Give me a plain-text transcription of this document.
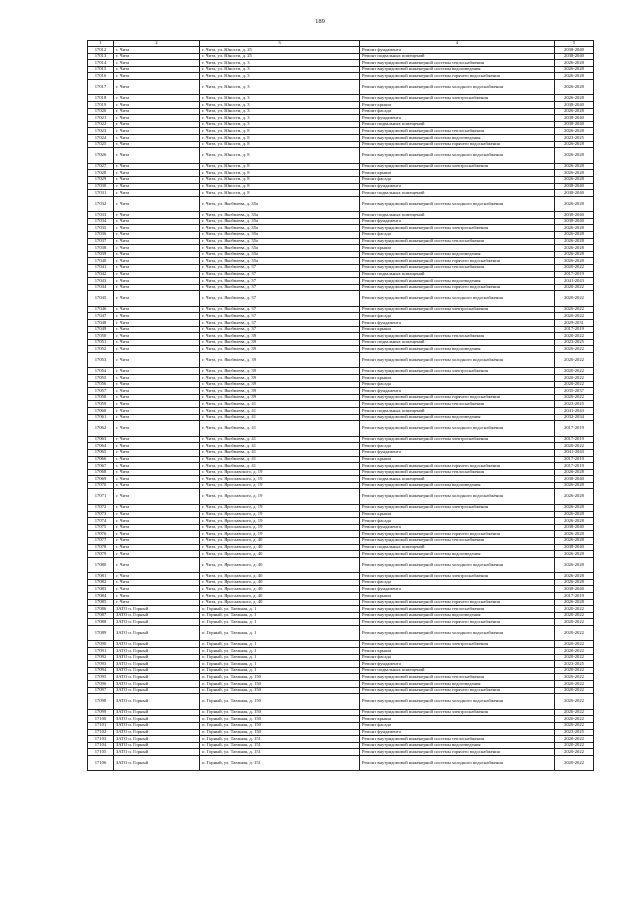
189
1	2	3	4	5
17012	г. Чита	г. Чита, ул. Юности, д. 25	Ремонт фундамента	2038-2040
17013	г. Чита	г. Чита, ул. Юности, д. 25	Ремонт подвальных помещений	2038-2040
17014	г. Чита	г. Чита, ул. Юности, д. 3	Ремонт внутридомовой инженерной системы теплоснабжения	2026-2028
17015	г. Чита	г. Чита, ул. Юности, д. 3	Ремонт внутридомовой инженерной системы водоотведения	2026-2028
17016	г. Чита	г. Чита, ул. Юности, д. 3	Ремонт внутридомовой инженерной системы горячего водоснабжения	2026-2028
17017	г. Чита	г. Чита, ул. Юности, д. 3	Ремонт внутридомовой инженерной системы холодного водоснабжения	2026-2028
17018	г. Чита	г. Чита, ул. Юности, д. 3	Ремонт внутридомовой инженерной системы электроснабжения	2026-2028
17019	г. Чита	г. Чита, ул. Юности, д. 3	Ремонт крыши	2038-2040
17020	г. Чита	г. Чита, ул. Юности, д. 3	Ремонт фасада	2026-2028
17021	г. Чита	г. Чита, ул. Юности, д. 3	Ремонт фундамента	2038-2040
17022	г. Чита	г. Чита, ул. Юности, д. 3	Ремонт подвальных помещений	2038-2040
17023	г. Чита	г. Чита, ул. Юности, д. 8	Ремонт внутридомовой инженерной системы теплоснабжения	2026-2028
17024	г. Чита	г. Чита, ул. Юности, д. 8	Ремонт внутридомовой инженерной системы водоотведения	2023-2025
17025	г. Чита	г. Чита, ул. Юности, д. 8	Ремонт внутридомовой инженерной системы горячего водоснабжения	2026-2028
17026	г. Чита	г. Чита, ул. Юности, д. 8	Ремонт внутридомовой инженерной системы холодного водоснабжения	2026-2028
17027	г. Чита	г. Чита, ул. Юности, д. 8	Ремонт внутридомовой инженерной системы электроснабжения	2026-2028
17028	г. Чита	г. Чита, ул. Юности, д. 8	Ремонт крыши	2026-2028
17029	г. Чита	г. Чита, ул. Юности, д. 8	Ремонт фасада	2026-2028
17030	г. Чита	г. Чита, ул. Юности, д. 8	Ремонт фундамента	2038-2040
17031	г. Чита	г. Чита, ул. Юности, д. 8	Ремонт подвальных помещений	2038-2040
17032	г. Чита	г. Чита, ул. Якобвлева, д. 35а	Ремонт внутридомовой инженерной системы холодного водоснабжения	2026-2028
17033	г. Чита	г. Чита, ул. Якобвлева, д. 35а	Ремонт подвальных помещений	2038-2040
17034	г. Чита	г. Чита, ул. Якобвлева, д. 35а	Ремонт фундамента	2038-2040
17035	г. Чита	г. Чита, ул. Якобвлева, д. 35а	Ремонт внутридомовой инженерной системы электроснабжения	2026-2028
17036	г. Чита	г. Чита, ул. Якобвлева, д. 35а	Ремонт фасада	2026-2028
17037	г. Чита	г. Чита, ул. Якобвлева, д. 35а	Ремонт внутридомовой инженерной системы теплоснабжения	2026-2028
17038	г. Чита	г. Чита, ул. Якобвлева, д. 35а	Ремонт крыши	2026-2028
17039	г. Чита	г. Чита, ул. Якобвлева, д. 35а	Ремонт внутридомовой инженерной системы водоотведения	2026-2028
17040	г. Чита	г. Чита, ул. Якобвлева, д. 35а	Ремонт внутридомовой инженерной системы горячего водоснабжения	2026-2028
17041	г. Чита	г. Чита, ул. Якобвлева, д. 37	Ремонт внутридомовой инженерной системы теплоснабжения	2020-2022
17042	г. Чита	г. Чита, ул. Якобвлева, д. 37	Ремонт подвальных помещений	2017-2019
17043	г. Чита	г. Чита, ул. Якобвлева, д. 37	Ремонт внутридомовой инженерной системы водоотведения	2041-2043
17044	г. Чита	г. Чита, ул. Якобвлева, д. 37	Ремонт внутридомовой инженерной системы горячего водоснабжения	2020-2022
17045	г. Чита	г. Чита, ул. Якобвлева, д. 37	Ремонт внутридомовой инженерной системы холодного водоснабжения	2020-2022
17046	г. Чита	г. Чита, ул. Якобвлева, д. 37	Ремонт внутридомовой инженерной системы электроснабжения	2020-2022
17047	г. Чита	г. Чита, ул. Якобвлева, д. 37	Ремонт фасада	2020-2022
17048	г. Чита	г. Чита, ул. Якобвлева, д. 37	Ремонт фундамента	2029-2031
17049	г. Чита	г. Чита, ул. Якобвлева, д. 37	Ремонт крыши	2017-2019
17050	г. Чита	г. Чита, ул. Якобвлева, д. 39	Ремонт внутридомовой инженерной системы теплоснабжения	2020-2022
17051	г. Чита	г. Чита, ул. Якобвлева, д. 39	Ремонт подвальных помещений	2023-2025
17052	г. Чита	г. Чита, ул. Якобвлева, д. 39	Ремонт внутридомовой инженерной системы водоотведения	2020-2022
17053	г. Чита	г. Чита, ул. Якобвлева, д. 39	Ремонт внутридомовой инженерной системы холодного водоснабжения	2020-2022
17054	г. Чита	г. Чита, ул. Якобвлева, д. 39	Ремонт внутридомовой инженерной системы электроснабжения	2020-2022
17055	г. Чита	г. Чита, ул. Якобвлева, д. 39	Ремонт крыши	2020-2022
17056	г. Чита	г. Чита, ул. Якобвлева, д. 39	Ремонт фасада	2020-2022
17057	г. Чита	г. Чита, ул. Якобвлева, д. 39	Ремонт фундамента	2035-2037
17058	г. Чита	г. Чита, ул. Якобвлева, д. 39	Ремонт внутридомовой инженерной системы горячего водоснабжения	2020-2022
17059	г. Чита	г. Чита, ул. Якобвлева, д. 41	Ремонт внутридомовой инженерной системы теплоснабжения	2023-2025
17060	г. Чита	г. Чита, ул. Якобвлева, д. 41	Ремонт подвальных помещений	2041-2043
17061	г. Чита	г. Чита, ул. Якобвлева, д. 41	Ремонт внутридомовой инженерной системы водоотведения	2032-2034
17062	г. Чита	г. Чита, ул. Якобвлева, д. 41	Ремонт внутридомовой инженерной системы холодного водоснабжения	2017-2019
17063	г. Чита	г. Чита, ул. Якобвлева, д. 41	Ремонт внутридомовой инженерной системы электроснабжения	2017-2019
17064	г. Чита	г. Чита, ул. Якобвлева, д. 41	Ремонт фасада	2020-2022
17065	г. Чита	г. Чита, ул. Якобвлева, д. 41	Ремонт фундамента	2041-2043
17066	г. Чита	г. Чита, ул. Якобвлева, д. 41	Ремонт крыши	2017-2019
17067	г. Чита	г. Чита, ул. Якобвлева, д. 41	Ремонт внутридомовой инженерной системы горячего водоснабжения	2017-2019
17068	г. Чита	г. Чита, ул. Ярославского, д. 19	Ремонт внутридомовой инженерной системы теплоснабжения	2026-2028
17069	г. Чита	г. Чита, ул. Ярославского, д. 19	Ремонт подвальных помещений	2038-2040
17070	г. Чита	г. Чита, ул. Ярославского, д. 19	Ремонт внутридомовой инженерной системы водоотведения	2026-2028
17071	г. Чита	г. Чита, ул. Ярославского, д. 19	Ремонт внутридомовой инженерной системы холодного водоснабжения	2026-2028
17072	г. Чита	г. Чита, ул. Ярославского, д. 19	Ремонт внутридомовой инженерной системы электроснабжения	2026-2028
17073	г. Чита	г. Чита, ул. Ярославского, д. 19	Ремонт крыши	2026-2028
17074	г. Чита	г. Чита, ул. Ярославского, д. 19	Ремонт фасада	2026-2028
17075	г. Чита	г. Чита, ул. Ярославского, д. 19	Ремонт фундамента	2038-2040
17076	г. Чита	г. Чита, ул. Ярославского, д. 19	Ремонт внутридомовой инженерной системы горячего водоснабжения	2026-2028
17077	г. Чита	г. Чита, ул. Ярославского, д. 40	Ремонт внутридомовой инженерной системы теплоснабжения	2026-2028
17078	г. Чита	г. Чита, ул. Ярославского, д. 40	Ремонт подвальных помещений	2038-2040
17079	г. Чита	г. Чита, ул. Ярославского, д. 40	Ремонт внутридомовой инженерной системы водоотведения	2026-2028
17080	г. Чита	г. Чита, ул. Ярославского, д. 40	Ремонт внутридомовой инженерной системы холодного водоснабжения	2026-2028
17081	г. Чита	г. Чита, ул. Ярославского, д. 40	Ремонт внутридомовой инженерной системы электроснабжения	2026-2028
17082	г. Чита	г. Чита, ул. Ярославского, д. 40	Ремонт фасада	2026-2028
17083	г. Чита	г. Чита, ул. Ярославского, д. 40	Ремонт фундамента	2038-2040
17084	г. Чита	г. Чита, ул. Ярославского, д. 40	Ремонт крыши	2017-2019
17085	г. Чита	г. Чита, ул. Ярославского, д. 40	Ремонт внутридомовой инженерной системы горячего водоснабжения	2026-2028
17086	ЗАТО п. Горный	п. Горный, ул. Таежная, д. 1	Ремонт внутридомовой инженерной системы теплоснабжения	2020-2022
17087	ЗАТО п. Горный	п. Горный, ул. Таежная, д. 1	Ремонт внутридомовой инженерной системы водоотведения	2020-2022
17088	ЗАТО п. Горный	п. Горный, ул. Таежная, д. 1	Ремонт внутридомовой инженерной системы горячего водоснабжения	2020-2022
17089	ЗАТО п. Горный	п. Горный, ул. Таежная, д. 1	Ремонт внутридомовой инженерной системы холодного водоснабжения	2020-2022
17090	ЗАТО п. Горный	п. Горный, ул. Таежная, д. 1	Ремонт внутридомовой инженерной системы электроснабжения	2020-2022
17091	ЗАТО п. Горный	п. Горный, ул. Таежная, д. 1	Ремонт крыши	2020-2022
17092	ЗАТО п. Горный	п. Горный, ул. Таежная, д. 1	Ремонт фасада	2020-2022
17093	ЗАТО п. Горный	п. Горный, ул. Таежная, д. 1	Ремонт фундамента	2023-2025
17094	ЗАТО п. Горный	п. Горный, ул. Таежная, д. 1	Ремонт подвальных помещений	2020-2022
17095	ЗАТО п. Горный	п. Горный, ул. Таежная, д. 150	Ремонт внутридомовой инженерной системы теплоснабжения	2020-2022
17096	ЗАТО п. Горный	п. Горный, ул. Таежная, д. 150	Ремонт внутридомовой инженерной системы водоотведения	2020-2022
17097	ЗАТО п. Горный	п. Горный, ул. Таежная, д. 150	Ремонт внутридомовой инженерной системы горячего водоснабжения	2020-2022
17098	ЗАТО п. Горный	п. Горный, ул. Таежная, д. 150	Ремонт внутридомовой инженерной системы холодного водоснабжения	2020-2022
17099	ЗАТО п. Горный	п. Горный, ул. Таежная, д. 150	Ремонт внутридомовой инженерной системы электроснабжения	2020-2022
17100	ЗАТО п. Горный	п. Горный, ул. Таежная, д. 150	Ремонт крыши	2020-2022
17101	ЗАТО п. Горный	п. Горный, ул. Таежная, д. 150	Ремонт фасада	2020-2022
17102	ЗАТО п. Горный	п. Горный, ул. Таежная, д. 150	Ремонт фундамента	2023-2025
17103	ЗАТО п. Горный	п. Горный, ул. Таежная, д. 151	Ремонт внутридомовой инженерной системы теплоснабжения	2020-2022
17104	ЗАТО п. Горный	п. Горный, ул. Таежная, д. 151	Ремонт внутридомовой инженерной системы водоотведения	2020-2022
17105	ЗАТО п. Горный	п. Горный, ул. Таежная, д. 151	Ремонт внутридомовой инженерной системы горячего водоснабжения	2020-2022
17106	ЗАТО п. Горный	п. Горный, ул. Таежная, д. 151	Ремонт внутридомовой инженерной системы холодного водоснабжения	2020-2022
